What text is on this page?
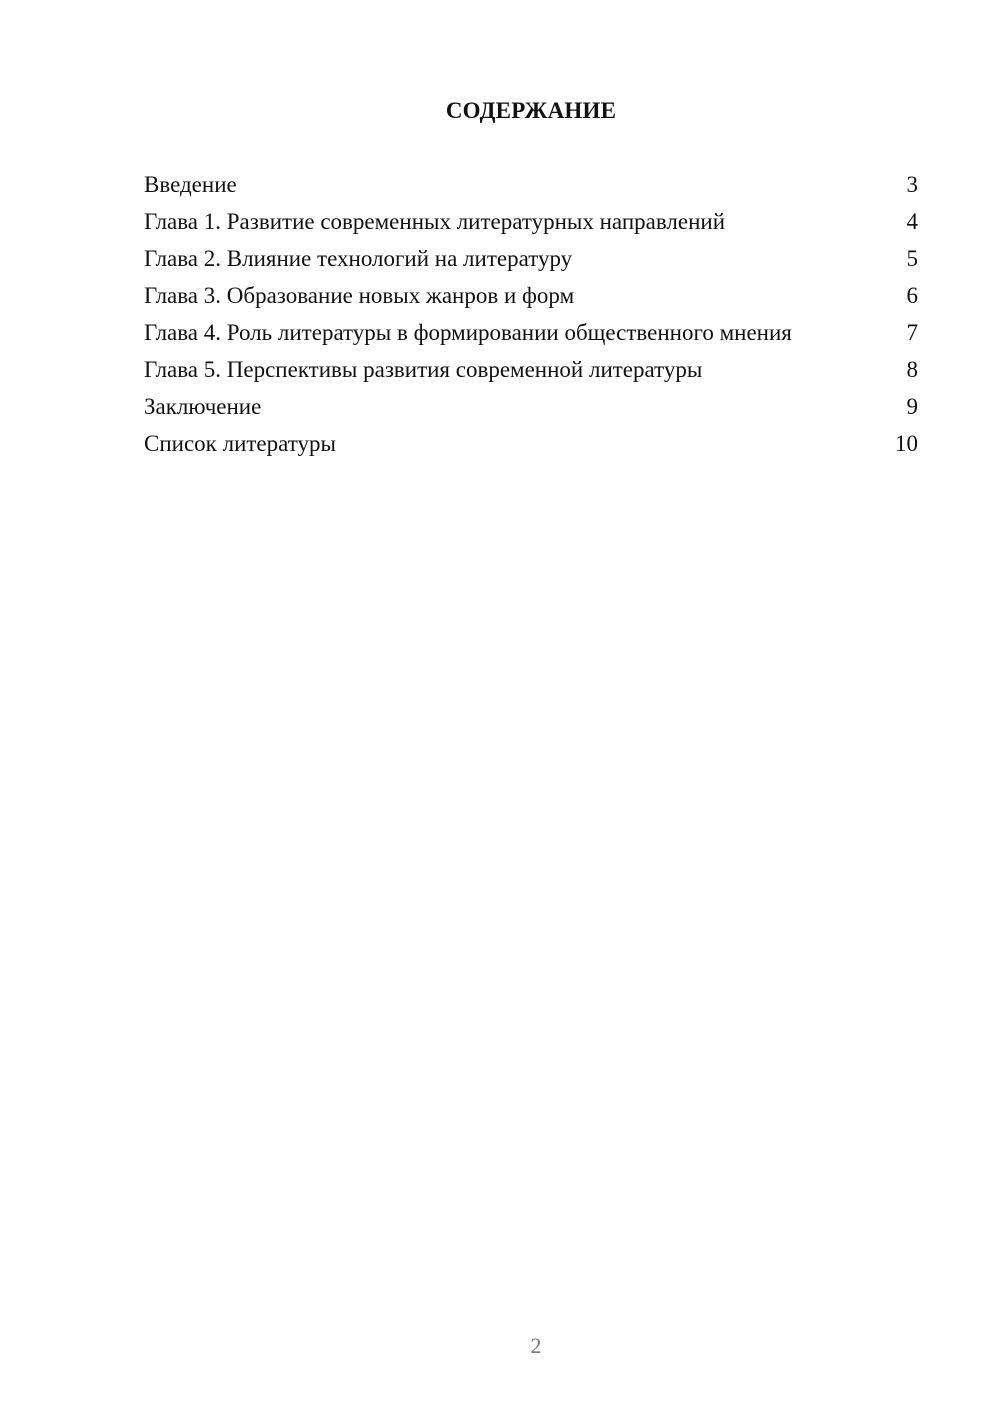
СОДЕРЖАНИЕ
Введение	3
Глава 1. Развитие современных литературных направлений	4
Глава 2. Влияние технологий на литературу	5
Глава 3. Образование новых жанров и форм	6
Глава 4. Роль литературы в формировании общественного мнения	7
Глава 5. Перспективы развития современной литературы	8
Заключение	9
Список литературы	10
2
